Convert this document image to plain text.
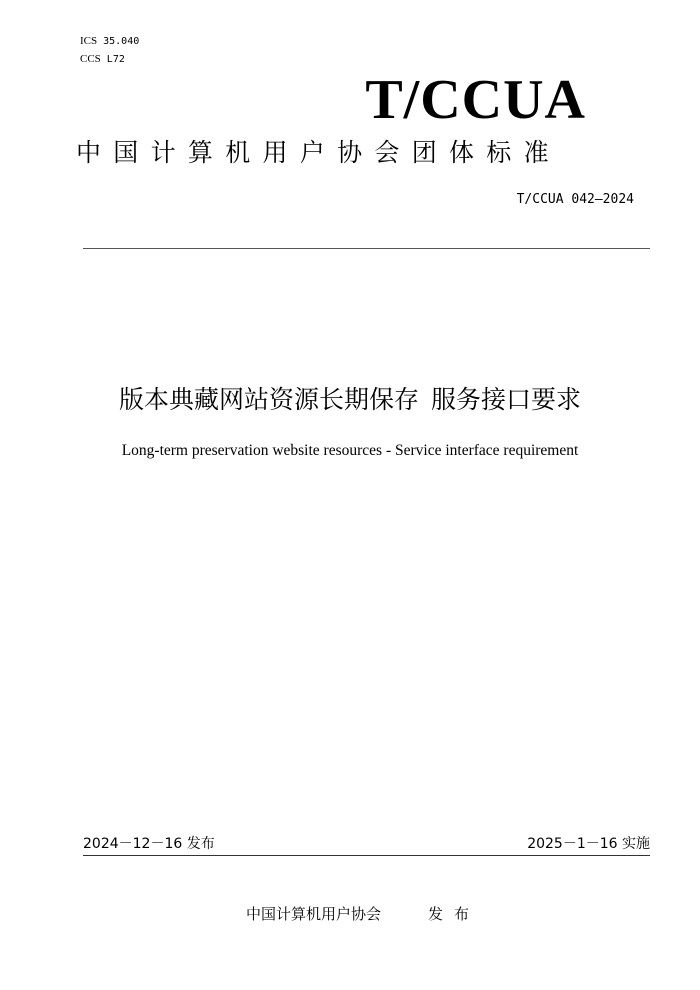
ICS 35.040
CCS L72
T/CCUA
中国计算机用户协会团体标准
T/CCUA 042—2024
版本典藏网站资源长期保存 服务接口要求
Long-term preservation website resources - Service interface requirement
2024－12－16 发布	2025－1－16 实施
中国计算机用户协会	发布
